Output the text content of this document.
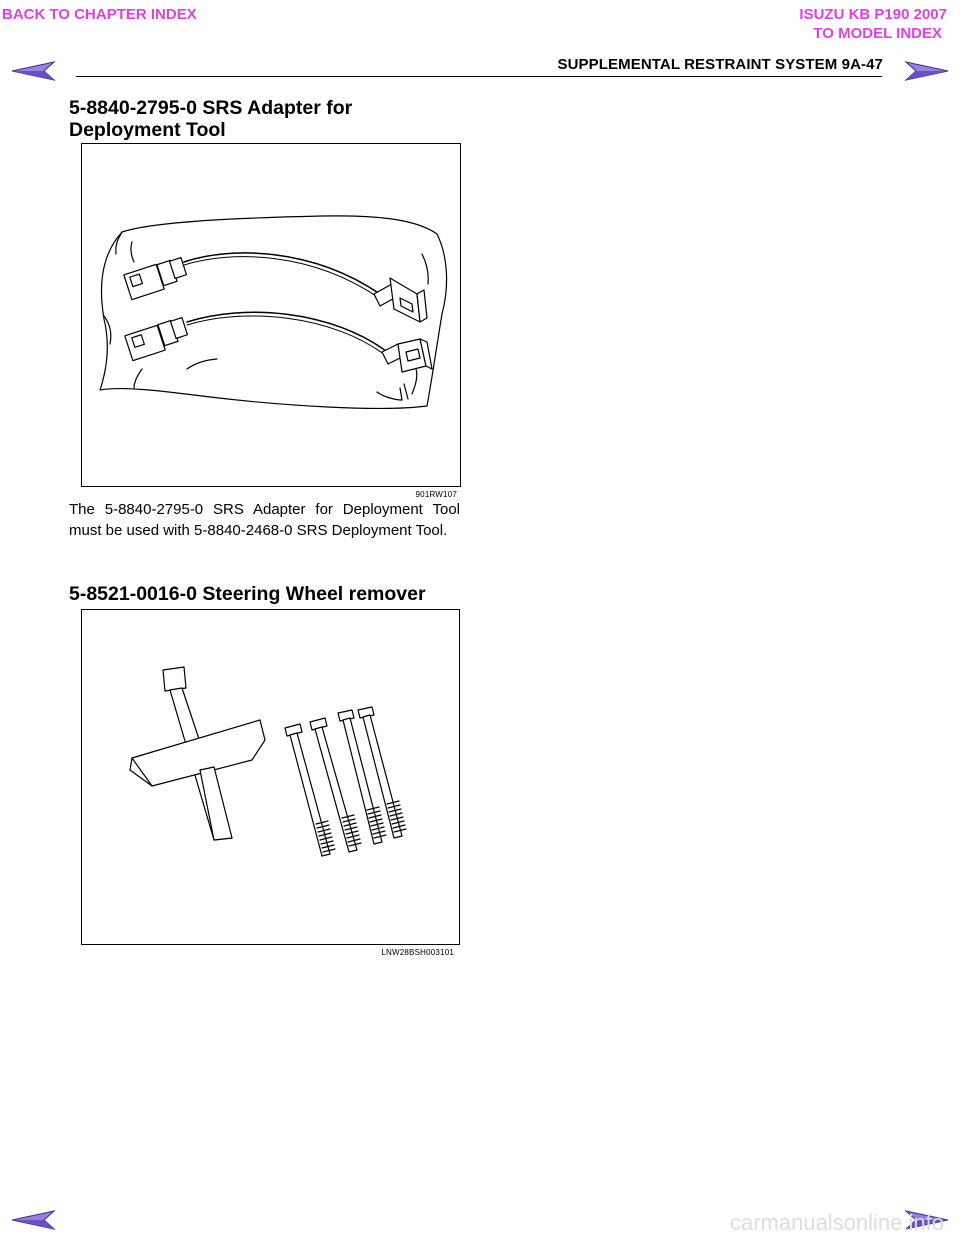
BACK TO CHAPTER INDEX	ISUZU KB P190 2007
TO MODEL INDEX
SUPPLEMENTAL RESTRAINT SYSTEM 9A-47
5-8840-2795-0 SRS Adapter for Deployment Tool
901RW107
The 5-8840-2795-0 SRS Adapter for Deployment Tool must be used with 5-8840-2468-0 SRS Deployment Tool.
5-8521-0016-0 Steering Wheel remover
LNW28BSH003101
carmanualsonline.info
